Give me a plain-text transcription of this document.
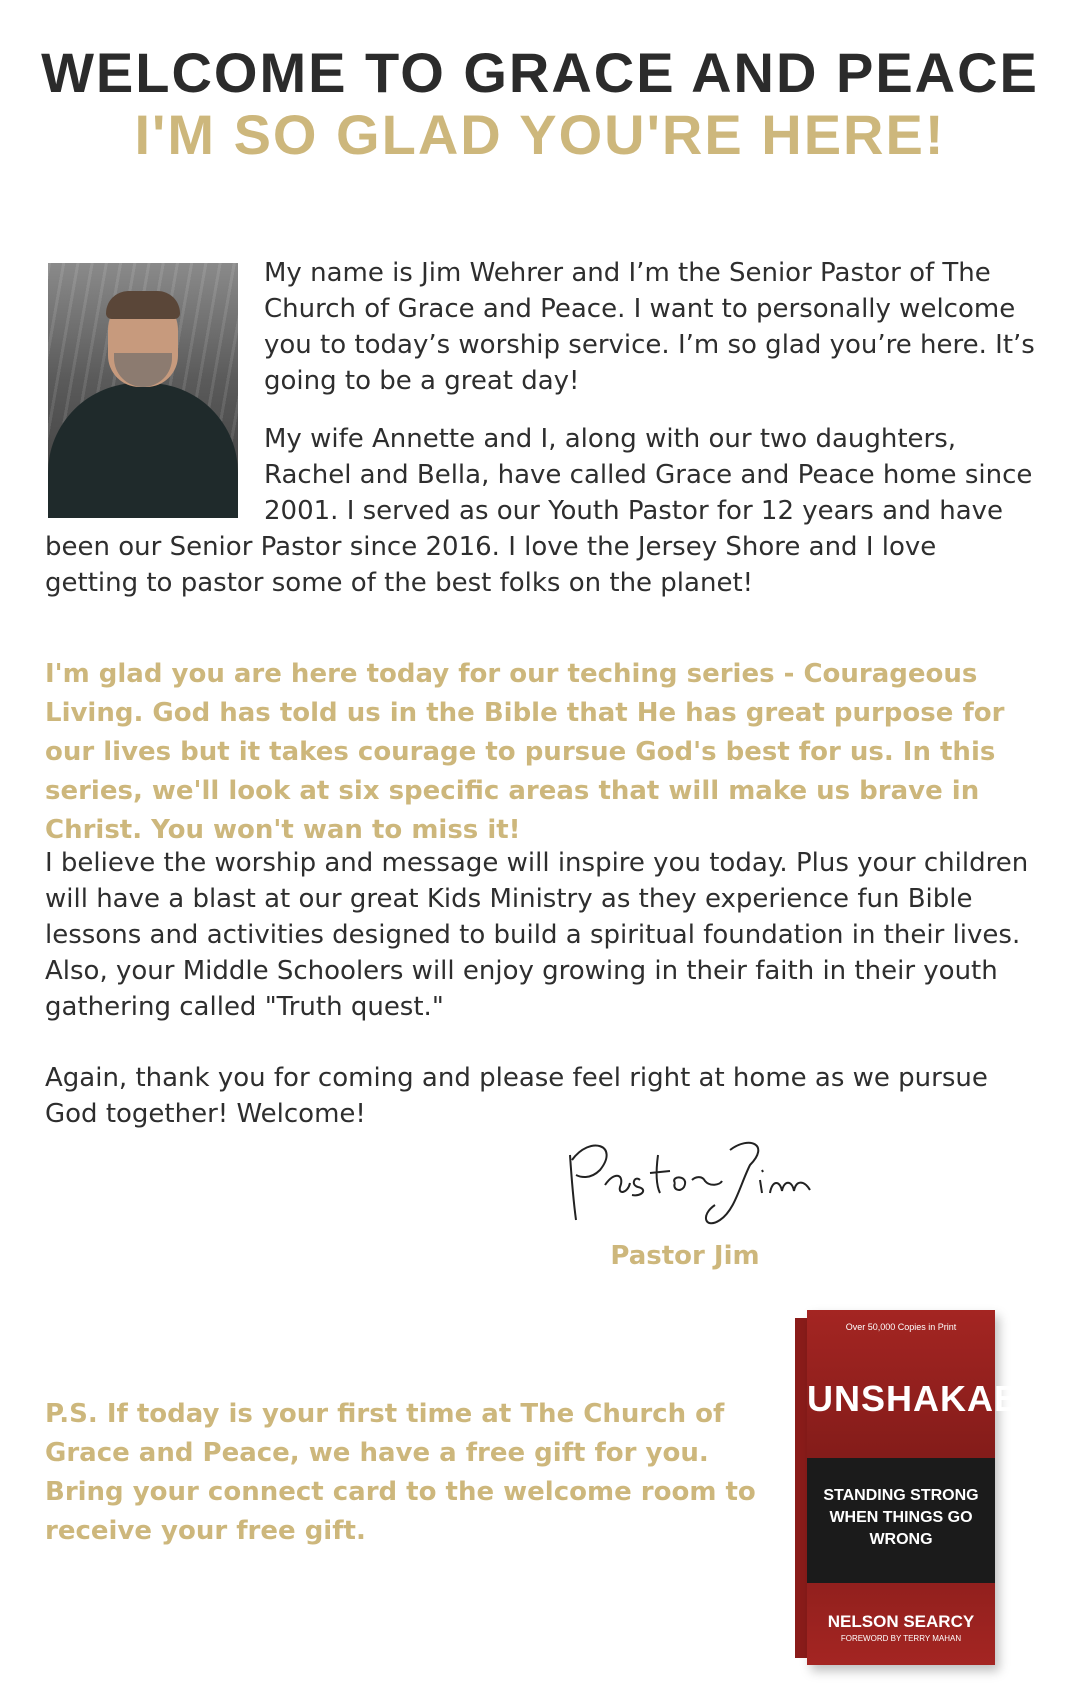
WELCOME TO GRACE AND PEACE
I'M SO GLAD YOU'RE HERE!

My name is Jim Wehrer and I’m the Senior Pastor of The Church of Grace and Peace. I want to personally welcome you to today’s worship service. I’m so glad you’re here. It’s going to be a great day!

My wife Annette and I, along with our two daughters, Rachel and Bella, have called Grace and Peace home since 2001. I served as our Youth Pastor for 12 years and have been our Senior Pastor since 2016. I love the Jersey Shore and I love getting to pastor some of the best folks on the planet!

I'm glad you are here today for our teching series - Courageous Living. God has told us in the Bible that He has great purpose for our lives but it takes courage to pursue God's best for us. In this series, we'll look at six specific areas that will make us brave in Christ. You won't wan to miss it!

I believe the worship and message will inspire you today. Plus your children will have a blast at our great Kids Ministry as they experience fun Bible lessons and activities designed to build a spiritual foundation in their lives. Also, your Middle Schoolers will enjoy growing in their faith in their youth gathering called "Truth quest."

Again, thank you for coming and please feel right at home as we pursue God together! Welcome!

Pastor Jim

P.S. If today is your first time at The Church of Grace and Peace, we have a free gift for you. Bring your connect card to the welcome room to receive your free gift.

Over 50,000 Copies in Print
UNSHAKABLE
STANDING STRONG WHEN THINGS GO WRONG
NELSON SEARCY
FOREWORD BY TERRY MAHAN
